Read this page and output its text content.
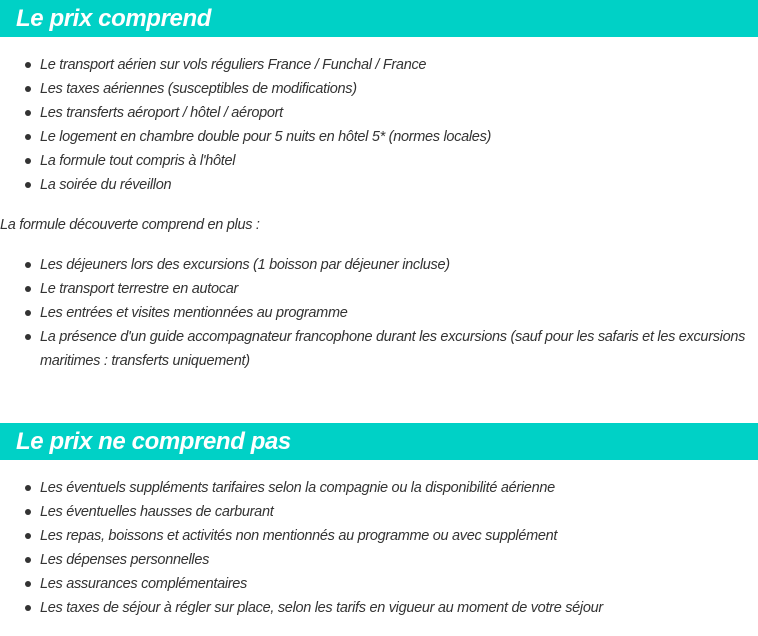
Le prix comprend
Le transport aérien sur vols réguliers France / Funchal / France
Les taxes aériennes (susceptibles de modifications)
Les transferts aéroport / hôtel / aéroport
Le logement en chambre double pour 5 nuits en hôtel 5* (normes locales)
La formule tout compris à l'hôtel
La soirée du réveillon

La formule découverte comprend en plus :

Les déjeuners lors des excursions (1 boisson par déjeuner incluse)
Le transport terrestre en autocar
Les entrées et visites mentionnées au programme
La présence d'un guide accompagnateur francophone durant les excursions (sauf pour les safaris et les excursions maritimes : transferts uniquement)
Le prix ne comprend pas
Les éventuels suppléments tarifaires selon la compagnie ou la disponibilité aérienne
Les éventuelles hausses de carburant
Les repas, boissons et activités non mentionnés au programme ou avec supplément
Les dépenses personnelles
Les assurances complémentaires
Les taxes de séjour à régler sur place, selon les tarifs en vigueur au moment de votre séjour
